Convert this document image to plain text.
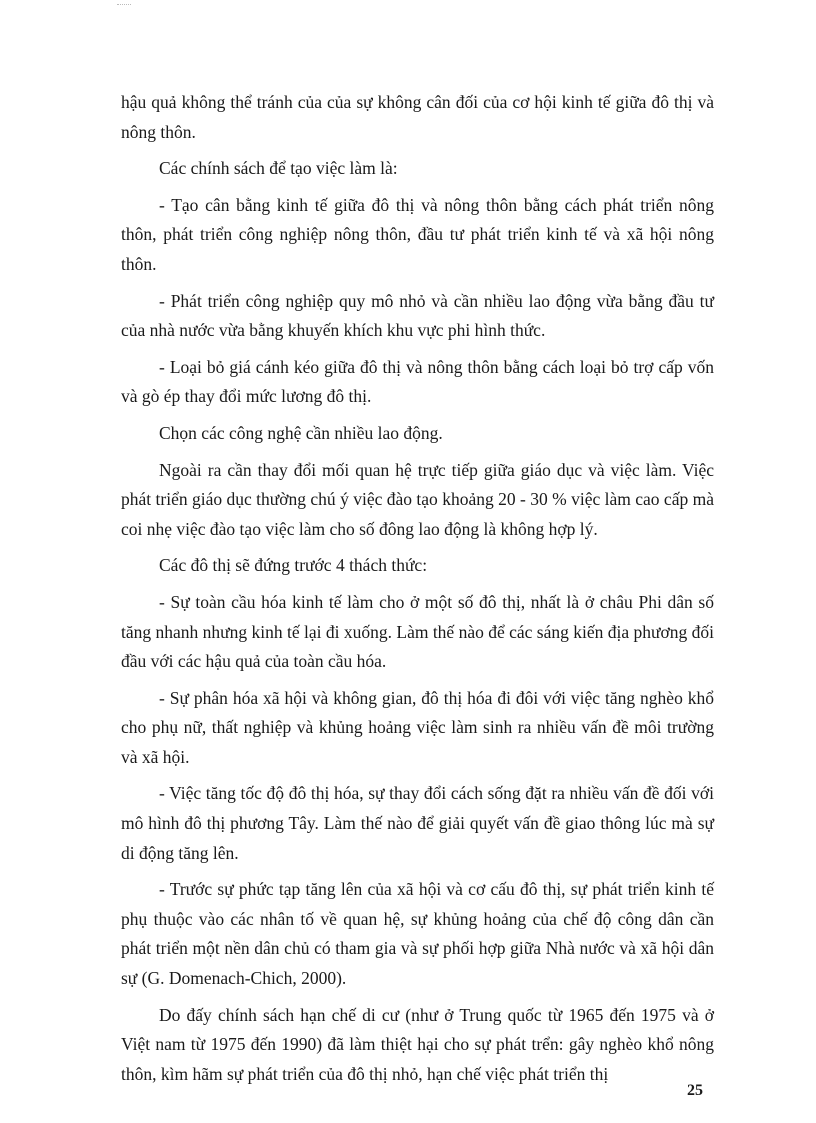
hậu quả không thể tránh của của sự không cân đối của cơ hội kinh tế giữa đô thị và nông thôn.

Các chính sách để tạo việc làm là:

- Tạo cân bằng kinh tế giữa đô thị và nông thôn bằng cách phát triển nông thôn, phát triển công nghiệp nông thôn, đầu tư phát triển kinh tế và xã hội nông thôn.

- Phát triển công nghiệp quy mô nhỏ và cần nhiều lao động vừa bằng đầu tư của nhà nước vừa bằng khuyến khích khu vực phi hình thức.

- Loại bỏ giá cánh kéo giữa đô thị và nông thôn bằng cách loại bỏ trợ cấp vốn và gò ép thay đổi mức lương đô thị.

Chọn các công nghệ cần nhiều lao động.

Ngoài ra cần thay đổi mối quan hệ trực tiếp giữa giáo dục và việc làm. Việc phát triển giáo dục thường chú ý việc đào tạo khoảng 20 - 30 % việc làm cao cấp mà coi nhẹ việc đào tạo việc làm cho số đông lao động là không hợp lý.

Các đô thị sẽ đứng trước 4 thách thức:

- Sự toàn cầu hóa kinh tế làm cho ở một số đô thị, nhất là ở châu Phi dân số tăng nhanh nhưng kinh tế lại đi xuống. Làm thế nào để các sáng kiến địa phương đối đầu với các hậu quả của toàn cầu hóa.

- Sự phân hóa xã hội và không gian, đô thị hóa đi đôi với việc tăng nghèo khổ cho phụ nữ, thất nghiệp và khủng hoảng việc làm sinh ra nhiều vấn đề môi trường và xã hội.

- Việc tăng tốc độ đô thị hóa, sự thay đổi cách sống đặt ra nhiều vấn đề đối với mô hình đô thị phương Tây. Làm thế nào để giải quyết vấn đề giao thông lúc mà sự di động tăng lên.

- Trước sự phức tạp tăng lên của xã hội và cơ cấu đô thị, sự phát triển kinh tế phụ thuộc vào các nhân tố về quan hệ, sự khủng hoảng của chế độ công dân cần phát triển một nền dân chủ có tham gia và sự phối hợp giữa Nhà nước và xã hội dân sự (G. Domenach-Chich, 2000).

Do đấy chính sách hạn chế di cư (như ở Trung quốc từ 1965 đến 1975 và ở Việt nam từ 1975 đến 1990) đã làm thiệt hại cho sự phát trển: gây nghèo khổ nông thôn, kìm hãm sự phát triển của đô thị nhỏ, hạn chế việc phát triển thị

25
